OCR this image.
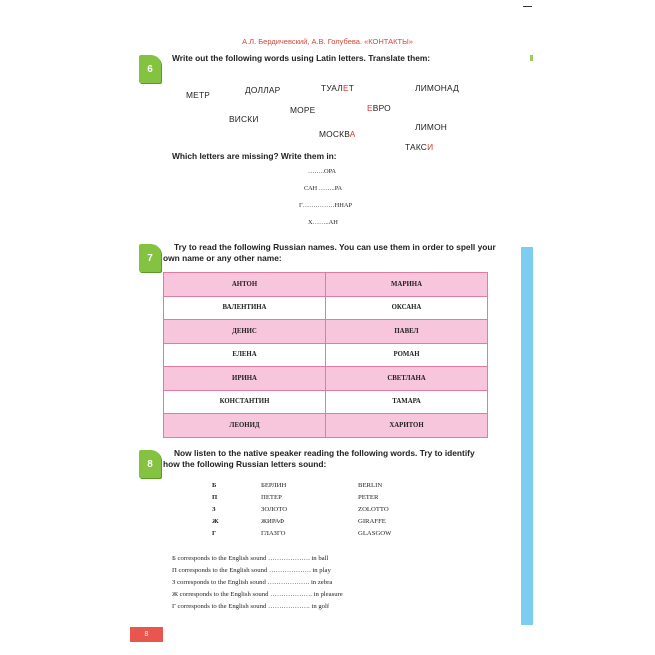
А.Л. Бердичевский, А.В. Голубева. «КОНТАКТЫ»
6
Write out the following words using Latin letters. Translate them:
МЕТР	ДОЛЛАР	ТУАЛЕТ	ЛИМОНАД
ВИСКИ
МОРЕ	ЕВРО
МОСКВА
ЛИМОН
ТАКСИ
Which letters are missing? Write them in:
……..ОРА
САН ……..РА
Г……………ННАР
Х……..АН
7
Try to read the following Russian names. You can use them in order to spell your
own name or any other name:
АНТОН	МАРИНА
ВАЛЕНТИНА	ОКСАНА
ДЕНИС	ПАВЕЛ
ЕЛЕНА	РОМАН
ИРИНА	СВЕТЛАНА
КОНСТАНТИН	ТАМАРА
ЛЕОНИД	ХАРИТОН
8
Now listen to the native speaker reading the following words. Try to identify
how the following Russian letters sound:
Б	БЕРЛИН	BERLIN
П	ПЕТЕР	PETER
З	ЗОЛОТО	ZOLOTTO
Ж	ЖИРАФ	GIRAFFE
Г	ГЛАЗГО	GLASGOW
Б corresponds to the English sound ………………. in ball
П corresponds to the English sound ………………. in play
З corresponds to the English sound ………………. in zebra
Ж corresponds to the English sound ………………. in pleasure
Г corresponds to the English sound ………………. in golf
8
